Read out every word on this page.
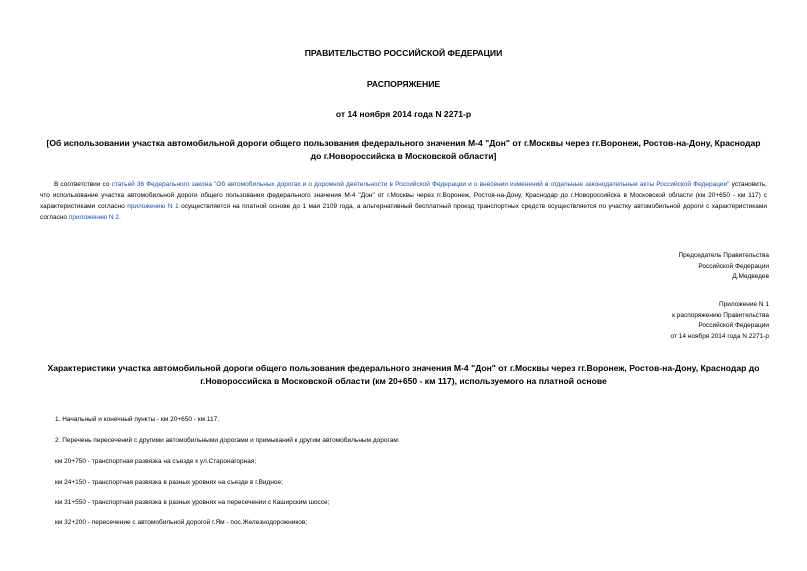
ПРАВИТЕЛЬСТВО РОССИЙСКОЙ ФЕДЕРАЦИИ
РАСПОРЯЖЕНИЕ
от 14 ноября 2014 года N 2271-р
[Об использовании участка автомобильной дороги общего пользования федерального значения М-4 "Дон" от г.Москвы через гг.Воронеж, Ростов-на-Дону, Краснодар до г.Новороссийска в Московской области]
В соответствии со статьей 36 Федерального закона "Об автомобильных дорогах и о дорожной деятельности в Российской Федерации и о внесении изменений в отдельные законодательные акты Российской Федерации" установить, что использование участка автомобильной дороги общего пользования федерального значения М-4 "Дон" от г.Москвы через гг.Воронеж, Ростов-на-Дону, Краснодар до г.Новороссийска в Московской области (км 20+650 - км 117) с характеристиками согласно приложению N 1 осуществляется на платной основе до 1 мая 2109 года, а альтернативный бесплатный проезд транспортных средств осуществляется по участку автомобильной дороги с характеристиками согласно приложению N 2.
Председатель Правительства
Российской Федерации
Д.Медведев
Приложение N 1
к распоряжению Правительства
Российской Федерации
от 14 ноября 2014 года N 2271-р
Характеристики участка автомобильной дороги общего пользования федерального значения М-4 "Дон" от г.Москвы через гг.Воронеж, Ростов-на-Дону, Краснодар до г.Новороссийска в Московской области (км 20+650 - км 117), используемого на платной основе
1. Начальный и конечный пункты - км 20+650 - км 117.
2. Перечень пересечений с другими автомобильными дорогами и примыканий к другим автомобильным дорогам:
км 20+750 - транспортная развязка на съезде к ул.Старонагорная;
км 24+150 - транспортная развязка в разных уровнях на съезде в г.Видное;
км 31+550 - транспортная развязка в разных уровнях на пересечении с Каширским шоссе;
км 32+200 - пересечение с автомобильной дорогой г.Ям - пос.Железнодорожников;
